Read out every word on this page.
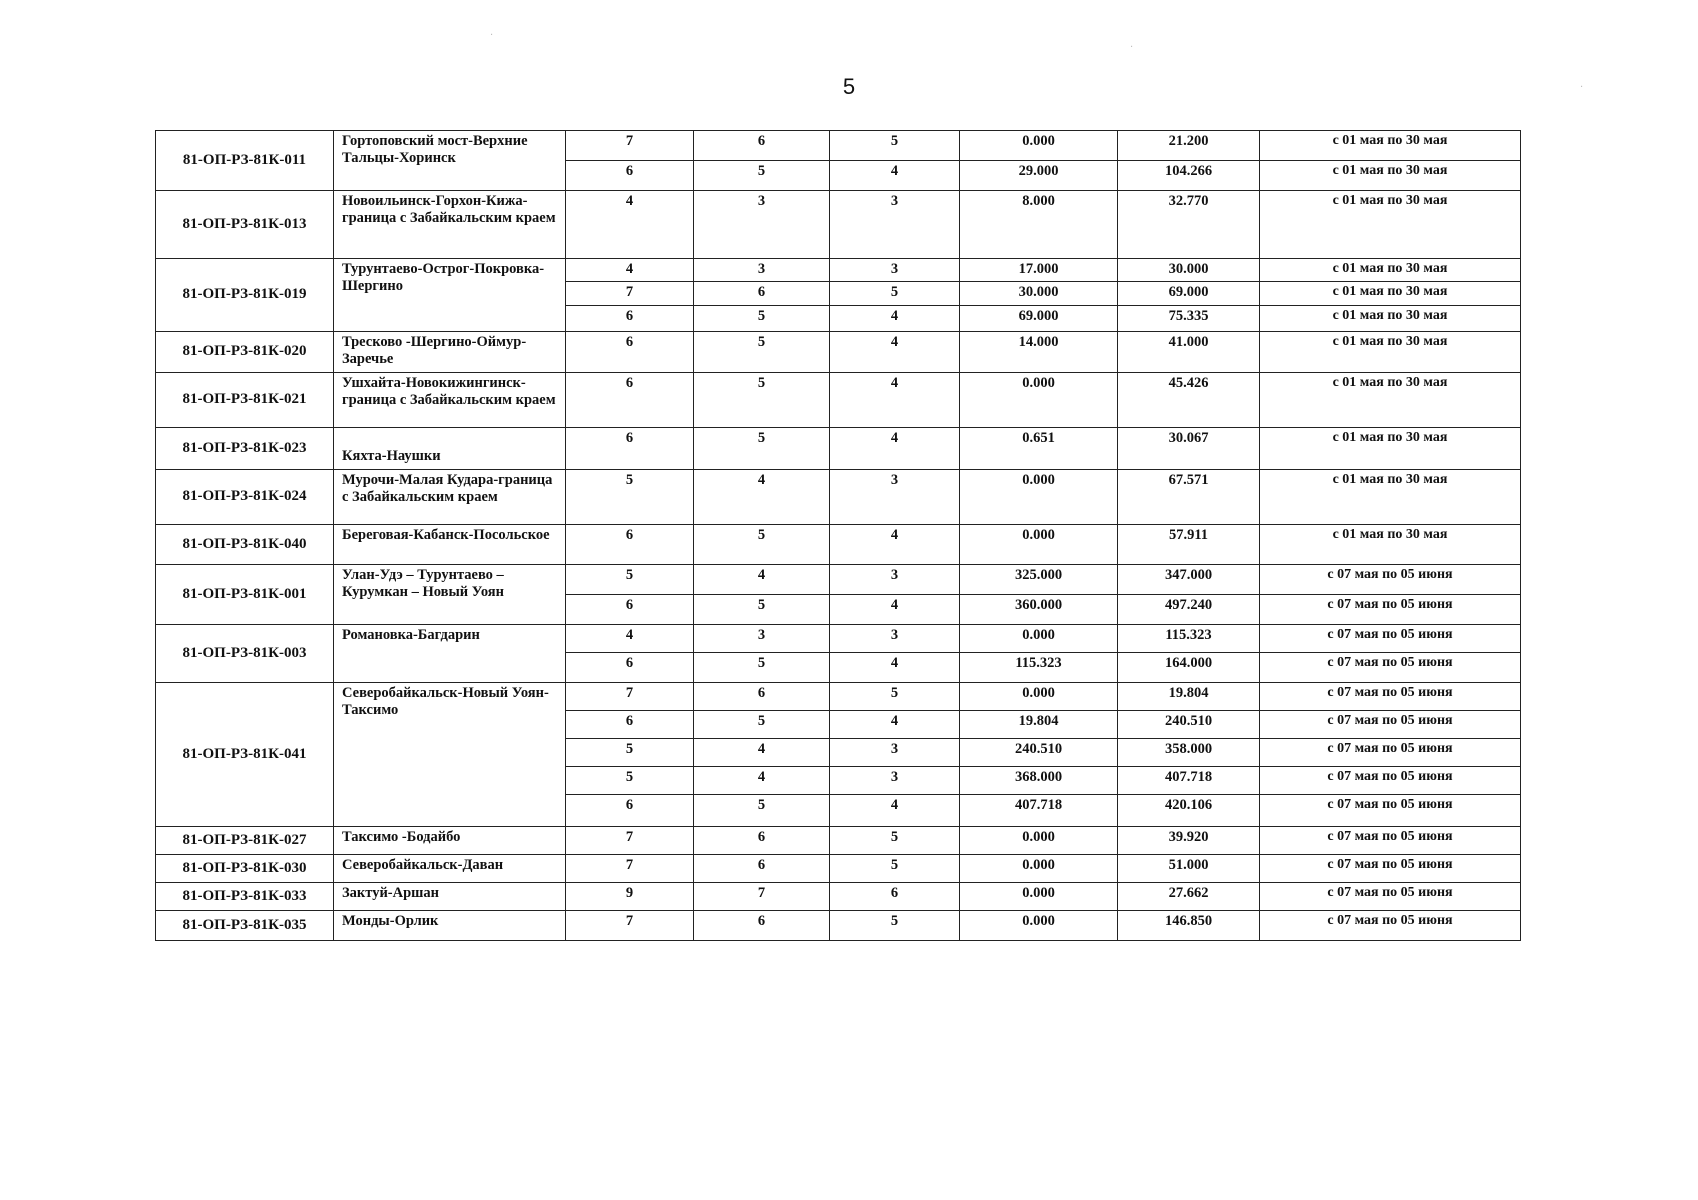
5
81-ОП-РЗ-81К-011	Гортоповский мост-Верхние Тальцы-Хоринск	7	6	5	0.000	21.200	с 01 мая по 30 мая
		6	5	4	29.000	104.266	с 01 мая по 30 мая
81-ОП-РЗ-81К-013	Новоильинск-Горхон-Кижа-граница с Забайкальским краем	4	3	3	8.000	32.770	с 01 мая по 30 мая
81-ОП-РЗ-81К-019	Турунтаево-Острог-Покровка-Шергино	4	3	3	17.000	30.000	с 01 мая по 30 мая
		7	6	5	30.000	69.000	с 01 мая по 30 мая
		6	5	4	69.000	75.335	с 01 мая по 30 мая
81-ОП-РЗ-81К-020	Тресково -Шергино-Оймур-Заречье	6	5	4	14.000	41.000	с 01 мая по 30 мая
81-ОП-РЗ-81К-021	Ушхайта-Новокижингинск-граница с Забайкальским краем	6	5	4	0.000	45.426	с 01 мая по 30 мая
81-ОП-РЗ-81К-023	Кяхта-Наушки	6	5	4	0.651	30.067	с 01 мая по 30 мая
81-ОП-РЗ-81К-024	Мурочи-Малая Кудара-граница с Забайкальским краем	5	4	3	0.000	67.571	с 01 мая по 30 мая
81-ОП-РЗ-81К-040	Береговая-Кабанск-Посольское	6	5	4	0.000	57.911	с 01 мая по 30 мая
81-ОП-РЗ-81К-001	Улан-Удэ – Турунтаево – Курумкан – Новый Уоян	5	4	3	325.000	347.000	с 07 мая по 05 июня
		6	5	4	360.000	497.240	с 07 мая по 05 июня
81-ОП-РЗ-81К-003	Романовка-Багдарин	4	3	3	0.000	115.323	с 07 мая по 05 июня
		6	5	4	115.323	164.000	с 07 мая по 05 июня
81-ОП-РЗ-81К-041	Северобайкальск-Новый Уоян-Таксимо	7	6	5	0.000	19.804	с 07 мая по 05 июня
		6	5	4	19.804	240.510	с 07 мая по 05 июня
		5	4	3	240.510	358.000	с 07 мая по 05 июня
		5	4	3	368.000	407.718	с 07 мая по 05 июня
		6	5	4	407.718	420.106	с 07 мая по 05 июня
81-ОП-РЗ-81К-027	Таксимо -Бодайбо	7	6	5	0.000	39.920	с 07 мая по 05 июня
81-ОП-РЗ-81К-030	Северобайкальск-Даван	7	6	5	0.000	51.000	с 07 мая по 05 июня
81-ОП-РЗ-81К-033	Зактуй-Аршан	9	7	6	0.000	27.662	с 07 мая по 05 июня
81-ОП-РЗ-81К-035	Монды-Орлик	7	6	5	0.000	146.850	с 07 мая по 05 июня
·
·
·
